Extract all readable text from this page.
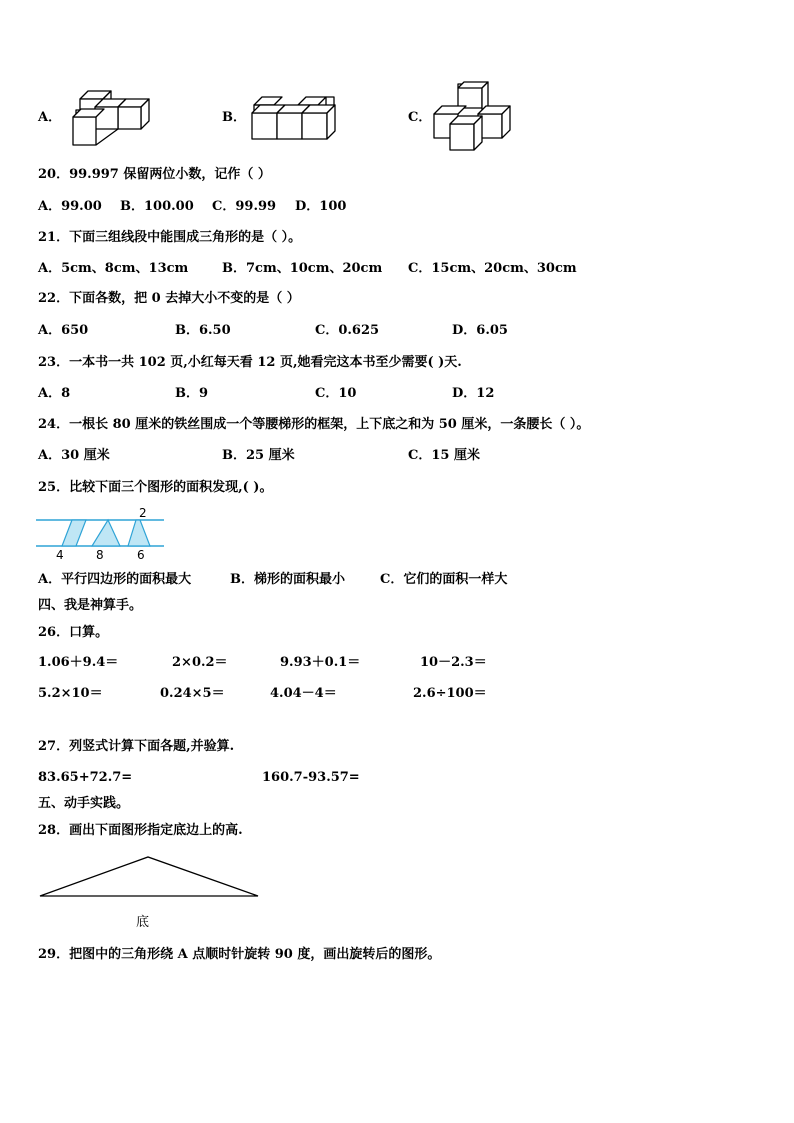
A．	B．	C．
20．99.997 保留两位小数，记作（ ）
A．99.00 B．100.00 C．99.99 D．100
21．下面三组线段中能围成三角形的是（ ）。
A．5cm、8cm、13cm	B．7cm、10cm、20cm C．15cm、20cm、30cm
22．下面各数，把 0 去掉大小不变的是（ ）
A．650	B．6.50	C．0.625	D．6.05
23．一本书一共 102 页,小红每天看 12 页,她看完这本书至少需要( )天.
A．8	B．9	C．10	D．12
24．一根长 80 厘米的铁丝围成一个等腰梯形的框架，上下底之和为 50 厘米，一条腰长（ ）。
A．30 厘米	B．25 厘米	C．15 厘米
25．比较下面三个图形的面积发现,( )。
2
4	8	6
A．平行四边形的面积最大	B．梯形的面积最小	C．它们的面积一样大
四、我是神算手。
26．口算。
1.06＋9.4＝	2×0.2＝	9.93＋0.1＝	10－2.3＝
5.2×10＝	0.24×5＝	4.04－4＝	2.6÷100＝
27．列竖式计算下面各题,并验算.
83.65+72.7=	160.7-93.57=
五、动手实践。
28．画出下面图形指定底边上的高.
底
29．把图中的三角形绕 A 点顺时针旋转 90 度，画出旋转后的图形。
